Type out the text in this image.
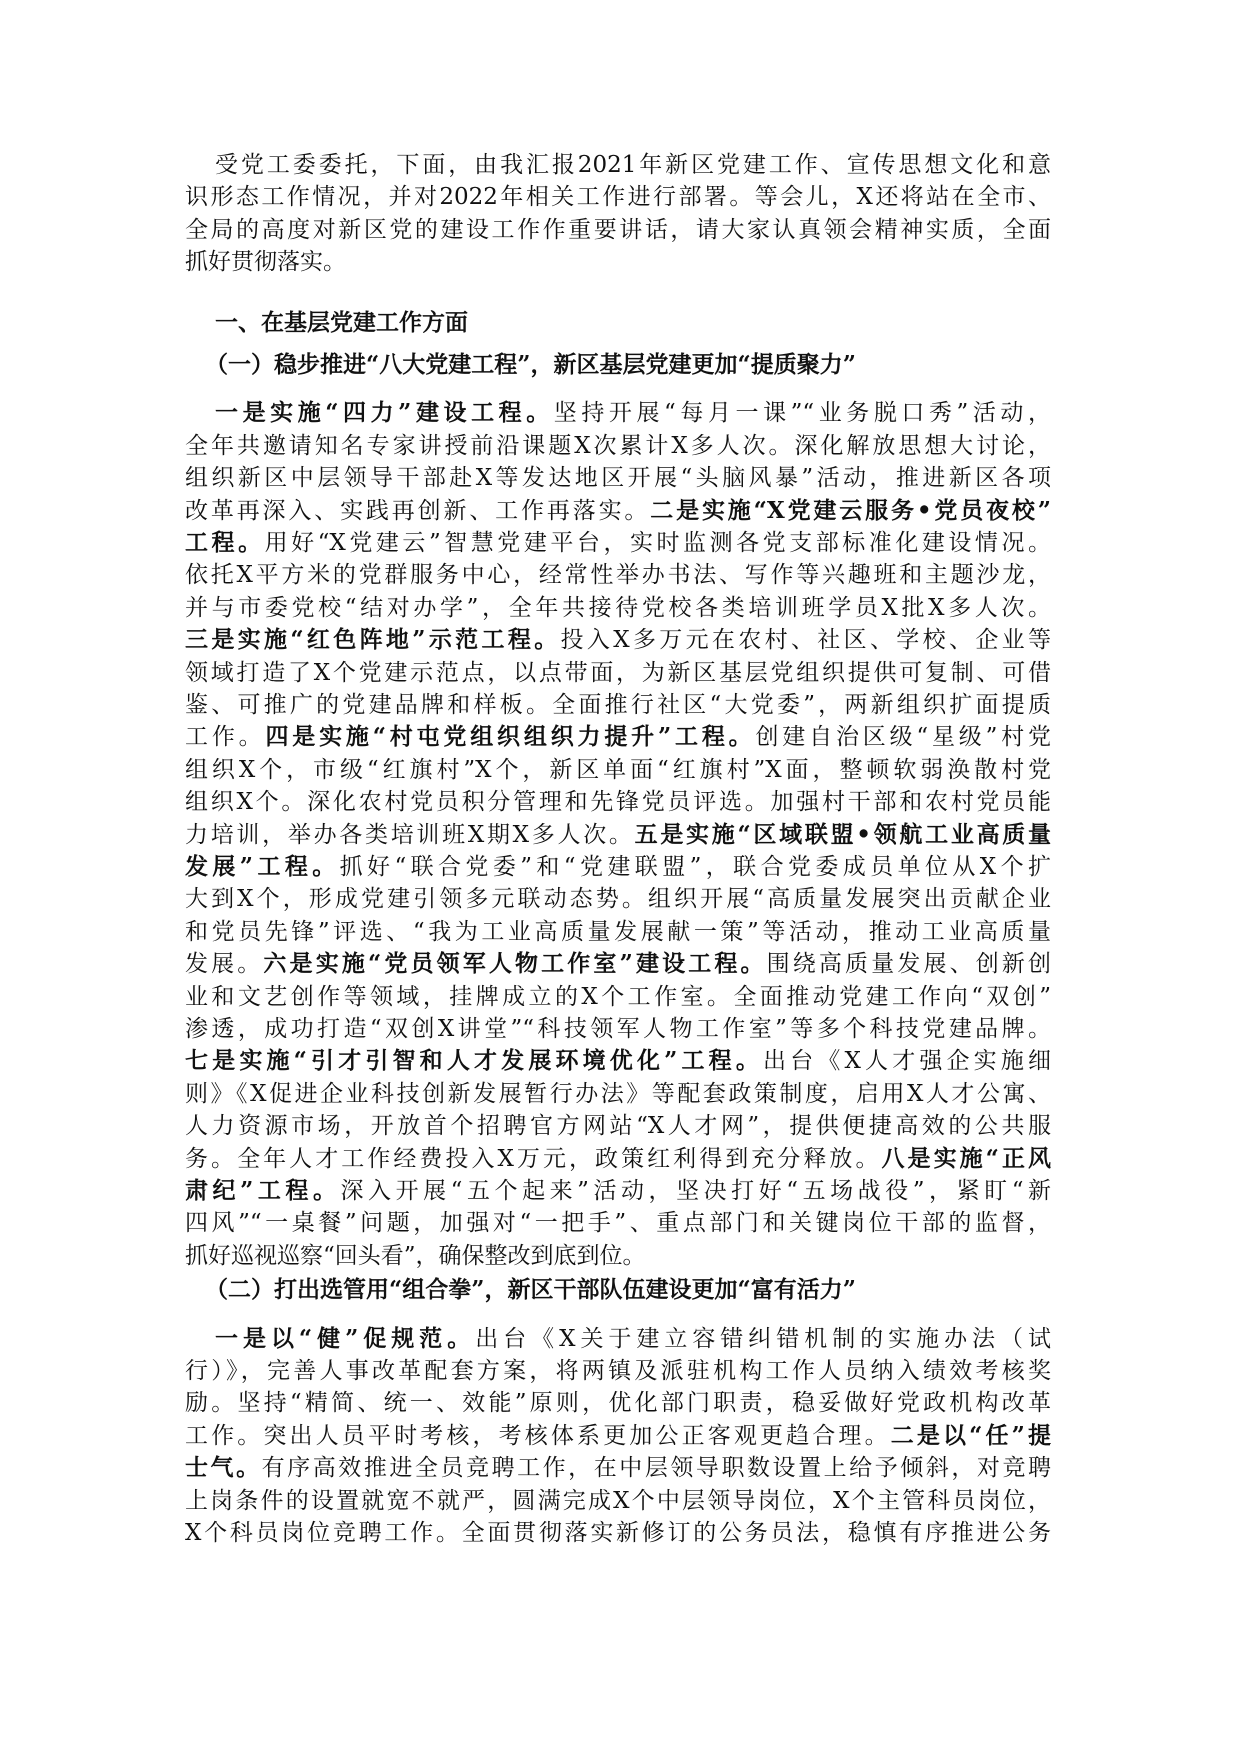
受党工委委托，下面，由我汇报2021年新区党建工作、宣传思想文化和意
识形态工作情况，并对2022年相关工作进行部署。等会儿，X还将站在全市、
全局的高度对新区党的建设工作作重要讲话，请大家认真领会精神实质，全面
抓好贯彻落实。
一、在基层党建工作方面
（一）稳步推进“八大党建工程”，新区基层党建更加“提质聚力”
一是实施“四力”建设工程。坚持开展“每月一课”“业务脱口秀”活动，
全年共邀请知名专家讲授前沿课题X次累计X多人次。深化解放思想大讨论，
组织新区中层领导干部赴X等发达地区开展“头脑风暴”活动，推进新区各项
改革再深入、实践再创新、工作再落实。二是实施“X党建云服务•党员夜校”
工程。用好“X党建云”智慧党建平台，实时监测各党支部标准化建设情况。
依托X平方米的党群服务中心，经常性举办书法、写作等兴趣班和主题沙龙，
并与市委党校“结对办学”，全年共接待党校各类培训班学员X批X多人次。
三是实施“红色阵地”示范工程。投入X多万元在农村、社区、学校、企业等
领域打造了X个党建示范点，以点带面，为新区基层党组织提供可复制、可借
鉴、可推广的党建品牌和样板。全面推行社区“大党委”，两新组织扩面提质
工作。四是实施“村屯党组织组织力提升”工程。创建自治区级“星级”村党
组织X个，市级“红旗村”X个，新区单面“红旗村”X面，整顿软弱涣散村党
组织X个。深化农村党员积分管理和先锋党员评选。加强村干部和农村党员能
力培训，举办各类培训班X期X多人次。五是实施“区域联盟•领航工业高质量
发展”工程。抓好“联合党委”和“党建联盟”，联合党委成员单位从X个扩
大到X个，形成党建引领多元联动态势。组织开展“高质量发展突出贡献企业
和党员先锋”评选、“我为工业高质量发展献一策”等活动，推动工业高质量
发展。六是实施“党员领军人物工作室”建设工程。围绕高质量发展、创新创
业和文艺创作等领域，挂牌成立的X个工作室。全面推动党建工作向“双创”
渗透，成功打造“双创X讲堂”“科技领军人物工作室”等多个科技党建品牌。
七是实施“引才引智和人才发展环境优化”工程。出台《X人才强企实施细
则》《X促进企业科技创新发展暂行办法》等配套政策制度，启用X人才公寓、
人力资源市场，开放首个招聘官方网站“X人才网”，提供便捷高效的公共服
务。全年人才工作经费投入X万元，政策红利得到充分释放。八是实施“正风
肃纪”工程。深入开展“五个起来”活动，坚决打好“五场战役”，紧盯“新
四风”“一桌餐”问题，加强对“一把手”、重点部门和关键岗位干部的监督，
抓好巡视巡察“回头看”，确保整改到底到位。
（二）打出选管用“组合拳”，新区干部队伍建设更加“富有活力”
一是以“健”促规范。出台《X关于建立容错纠错机制的实施办法（试
行）》，完善人事改革配套方案，将两镇及派驻机构工作人员纳入绩效考核奖
励。坚持“精简、统一、效能”原则，优化部门职责，稳妥做好党政机构改革
工作。突出人员平时考核，考核体系更加公正客观更趋合理。二是以“任”提
士气。有序高效推进全员竞聘工作，在中层领导职数设置上给予倾斜，对竞聘
上岗条件的设置就宽不就严，圆满完成X个中层领导岗位，X个主管科员岗位，
X个科员岗位竞聘工作。全面贯彻落实新修订的公务员法，稳慎有序推进公务
